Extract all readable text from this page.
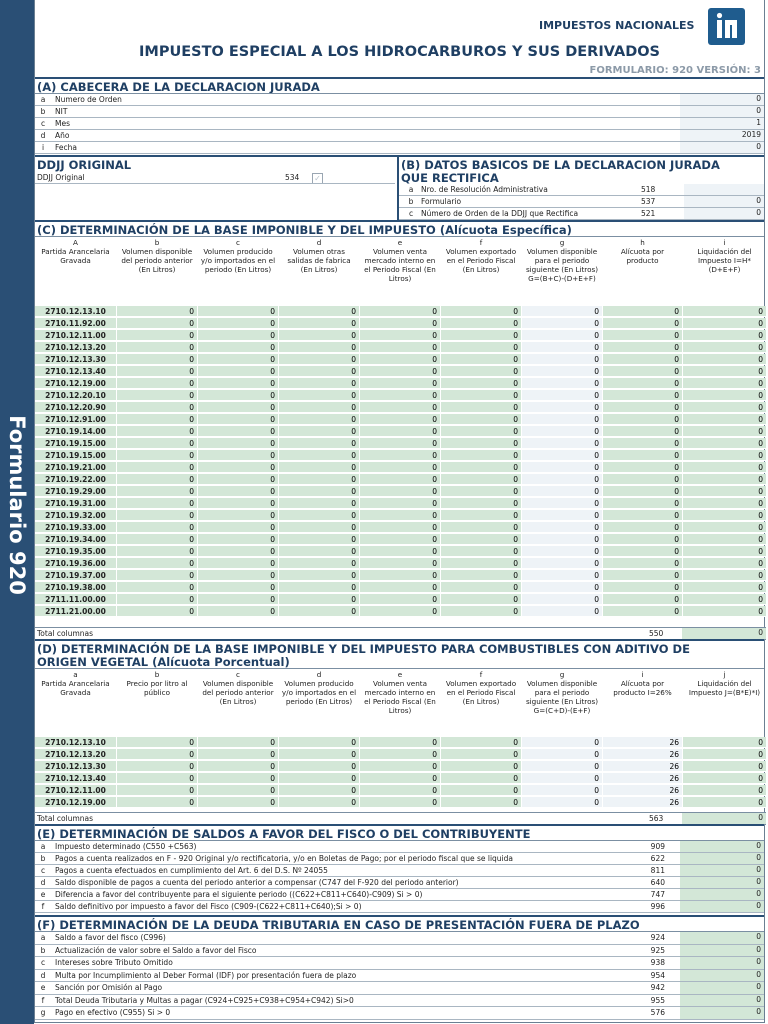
Formulario 920
IMPUESTOS NACIONALES
IMPUESTO ESPECIAL A LOS HIDROCARBUROS Y SUS DERIVADOS
FORMULARIO: 920 VERSIÓN: 3
(A) CABECERA DE LA DECLARACION JURADA
a	Numero de Orden	0
b	NIT	0
c	Mes	1
d	Año	2019
i	Fecha	0
DDJJ ORIGINAL
DDJJ Original	534 ✓
(B) DATOS BASICOS DE LA DECLARACION JURADA
QUE RECTIFICA
a	Nro. de Resolución Administrativa	518
b	Formulario	537	0
c	Número de Orden de la DDJJ que Rectifica	521	0
(C) DETERMINACIÓN DE LA BASE IMPONIBLE Y DEL IMPUESTO (Alícuota Específica)
A
Partida Arancelaria Gravada
b
Volumen disponible del periodo anterior (En Litros)
c
Volumen producido y/o importados en el periodo (En Litros)
d
Volumen otras salidas de fabrica (En Litros)
e
Volumen venta mercado interno en el Periodo Fiscal (En Litros)
f
Volumen exportado en el Periodo Fiscal (En Litros)
g
Volumen disponible para el periodo siguiente (En Litros) G=(B+C)-(D+E+F)
h
Alícuota por producto
i
Liquidación del Impuesto I=H*(D+E+F)
2710.12.13.10	0	0	0	0	0	0	0	0
2710.11.92.00	0	0	0	0	0	0	0	0
2710.12.11.00	0	0	0	0	0	0	0	0
2710.12.13.20	0	0	0	0	0	0	0	0
2710.12.13.30	0	0	0	0	0	0	0	0
2710.12.13.40	0	0	0	0	0	0	0	0
2710.12.19.00	0	0	0	0	0	0	0	0
2710.12.20.10	0	0	0	0	0	0	0	0
2710.12.20.90	0	0	0	0	0	0	0	0
2710.12.91.00	0	0	0	0	0	0	0	0
2710.19.14.00	0	0	0	0	0	0	0	0
2710.19.15.00	0	0	0	0	0	0	0	0
2710.19.15.00	0	0	0	0	0	0	0	0
2710.19.21.00	0	0	0	0	0	0	0	0
2710.19.22.00	0	0	0	0	0	0	0	0
2710.19.29.00	0	0	0	0	0	0	0	0
2710.19.31.00	0	0	0	0	0	0	0	0
2710.19.32.00	0	0	0	0	0	0	0	0
2710.19.33.00	0	0	0	0	0	0	0	0
2710.19.34.00	0	0	0	0	0	0	0	0
2710.19.35.00	0	0	0	0	0	0	0	0
2710.19.36.00	0	0	0	0	0	0	0	0
2710.19.37.00	0	0	0	0	0	0	0	0
2710.19.38.00	0	0	0	0	0	0	0	0
2711.11.00.00	0	0	0	0	0	0	0	0
2711.21.00.00	0	0	0	0	0	0	0	0
Total columnas	550	0
(D) DETERMINACIÓN DE LA BASE IMPONIBLE Y DEL IMPUESTO PARA COMBUSTIBLES CON ADITIVO DE
ORIGEN VEGETAL (Alícuota Porcentual)
a
Partida Arancelaria Gravada
b
Precio por litro al público
c
Volumen disponible del periodo anterior (En Litros)
d
Volumen producido y/o importados en el periodo (En Litros)
e
Volumen venta mercado interno en el Periodo Fiscal (En Litros)
f
Volumen exportado en el Periodo Fiscal (En Litros)
g
Volumen disponible para el periodo siguiente (En Litros) G=(C+D)-(E+F)
i
Alícuota por producto I=26%
j
Liquidación del Impuesto J=(B*E)*I)
2710.12.13.10	0	0	0	0	0	0	26	0
2710.12.13.20	0	0	0	0	0	0	26	0
2710.12.13.30	0	0	0	0	0	0	26	0
2710.12.13.40	0	0	0	0	0	0	26	0
2710.12.11.00	0	0	0	0	0	0	26	0
2710.12.19.00	0	0	0	0	0	0	26	0
Total columnas	563	0
(E) DETERMINACIÓN DE SALDOS A FAVOR DEL FISCO O DEL CONTRIBUYENTE
a	Impuesto determinado (C550 +C563)	909	0
b	Pagos a cuenta realizados en F - 920 Original y/o rectificatoria, y/o en Boletas de Pago; por el periodo fiscal que se liquida	622	0
c	Pagos a cuenta efectuados en cumplimiento del Art. 6 del D.S. Nº 24055	811	0
d	Saldo disponible de pagos a cuenta del periodo anterior a compensar (C747 del F-920 del periodo anterior)	640	0
e	Diferencia a favor del contribuyente para el siguiente periodo ((C622+C811+C640)-C909) Si > 0)	747	0
f	Saldo definitivo por impuesto a favor del Fisco (C909-(C622+C811+C640);Si > 0)	996	0
(F) DETERMINACIÓN DE LA DEUDA TRIBUTARIA EN CASO DE PRESENTACIÓN FUERA DE PLAZO
a	Saldo a favor del fisco (C996)	924	0
b	Actualización de valor sobre el Saldo a favor del Fisco	925	0
c	Intereses sobre Tributo Omitido	938	0
d	Multa por Incumplimiento al Deber Formal (IDF) por presentación fuera de plazo	954	0
e	Sanción por Omisión al Pago	942	0
f	Total Deuda Tributaria y Multas a pagar (C924+C925+C938+C954+C942) Si>0	955	0
g	Pago en efectivo (C955) Si > 0	576	0
